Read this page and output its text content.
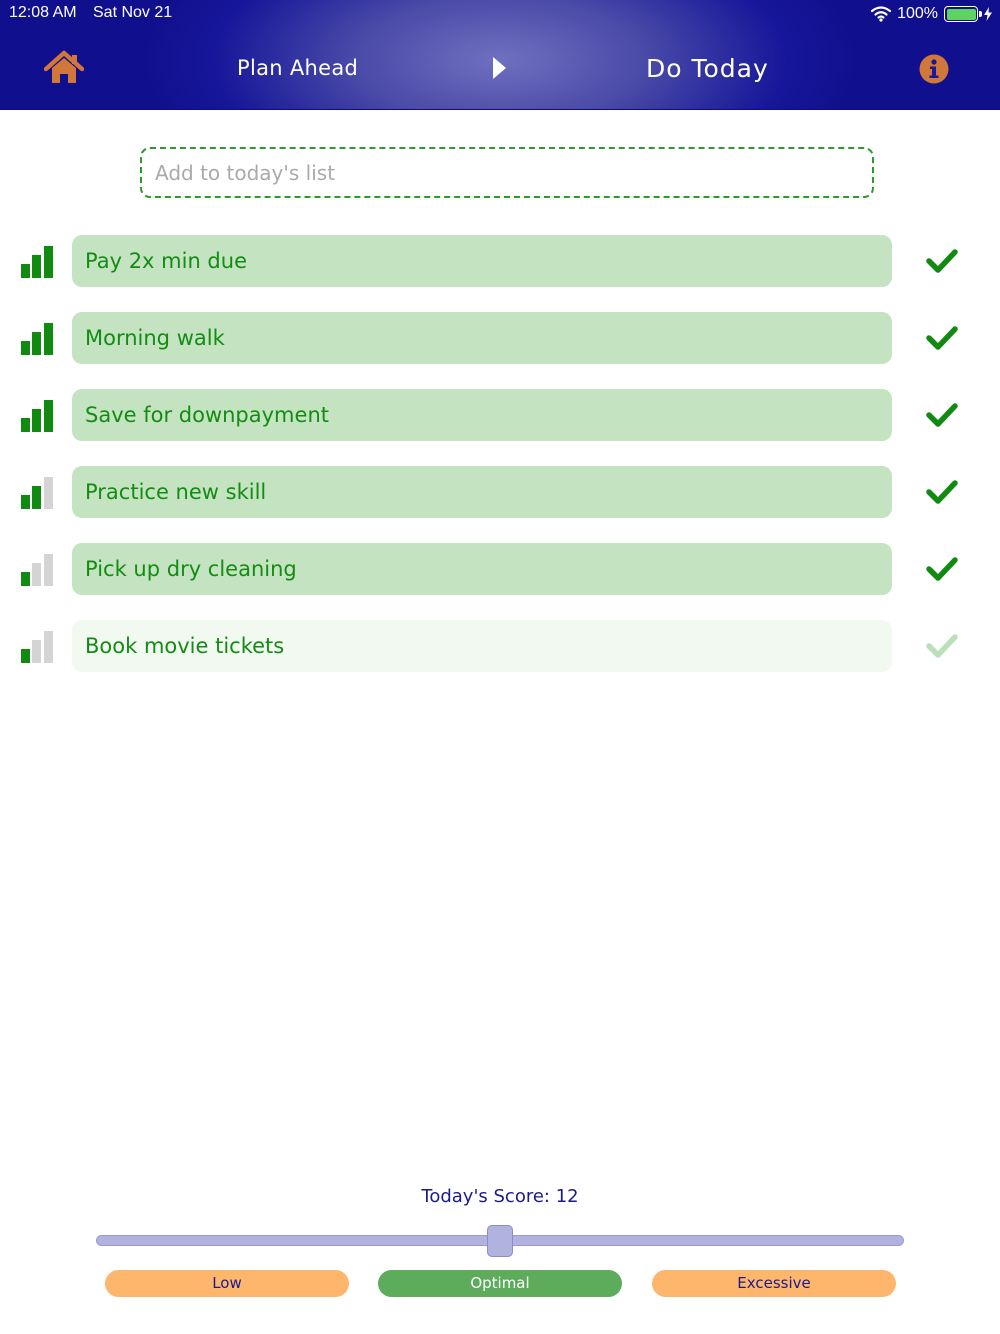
12:08 AM Sat Nov 21	100%
Plan Ahead	Do Today
Add to today's list
Pay 2x min due
Morning walk
Save for downpayment
Practice new skill
Pick up dry cleaning
Book movie tickets
Today's Score: 12
Low	Optimal	Excessive
